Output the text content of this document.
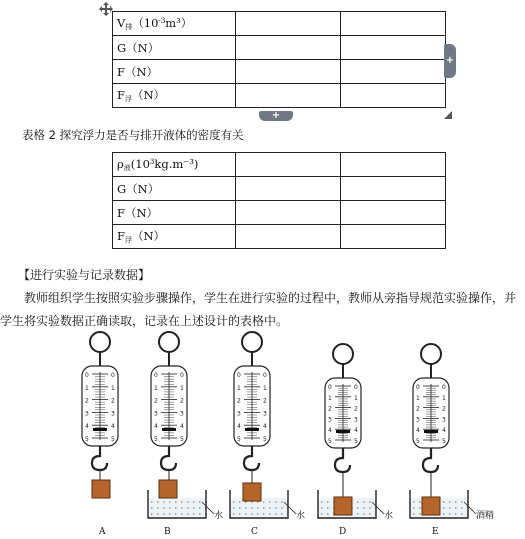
$V_排(10^{-3}m^3)$		
G（N）		
F（N）		
$F_浮(N)$		
+
+
表格 2 探究浮力是否与排开液体的密度有关
$\rho_液(10^3kg.m^{-3})$		
G（N）		
F（N）		
$F_浮(N)$		
【进行实验与记录数据】
教师组织学生按照实验步骤操作，学生在进行实验的过程中，教师从旁指导规范实验操作，并
学生将实验数据正确读取，记录在上述设计的表格中。
0	0
1	1
2	2
3	3
4	4
5	5
0	0
1	1
2	2
3	3
4	4
5	5
水
0	0
1	1
2	2
3	3
4	4
5	5
水
0	0
1	1
2	2
3	3
4	4
5	5
水
0	0
1	1
2	2
3	3
4	4
5	5
酒精
A	B	C	D	E
